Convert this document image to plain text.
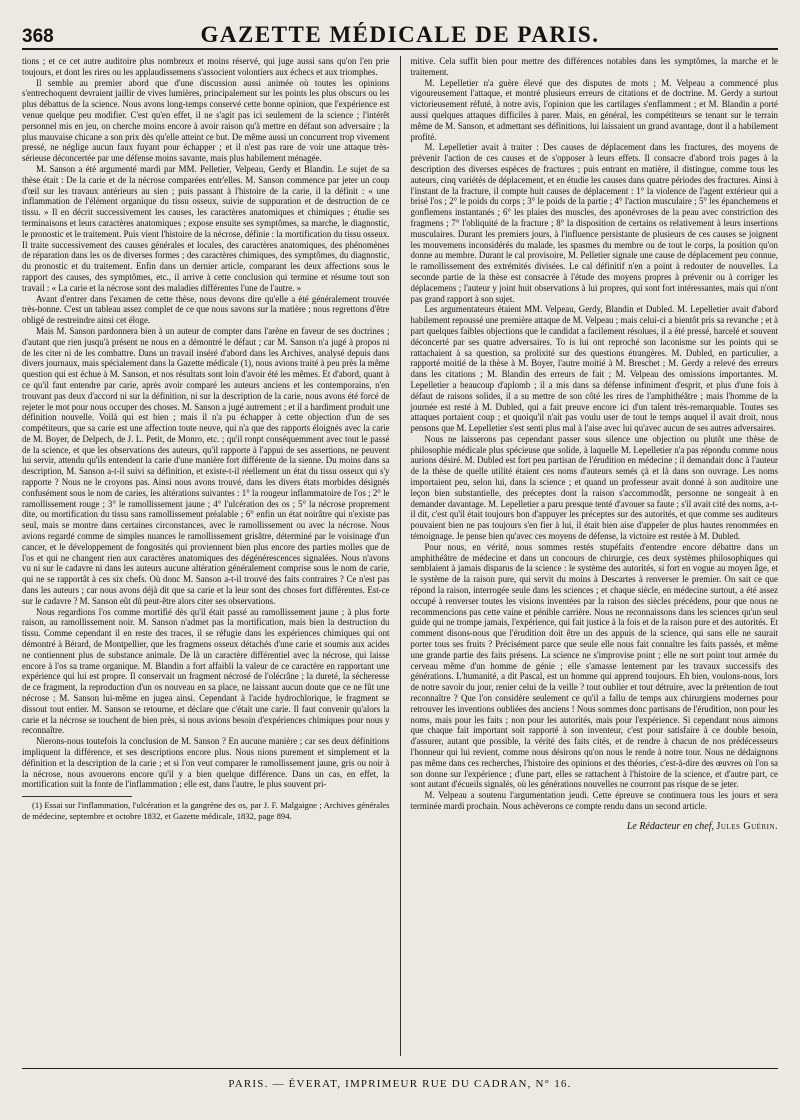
368	GAZETTE MÉDICALE DE PARIS.

tions ; et ce cet autre auditoire plus nombreux et moins réservé, qui juge aussi sans qu'on l'en prie toujours, et dont les rires ou les applaudissemens s'associent volontiers aux échecs et aux triomphes.

Il semble au premier abord que d'une discussion aussi animée où toutes les opinions s'entrechoquent devraient jaillir de vives lumières, principalement sur les points les plus obscurs ou les plus débattus de la science. Nous avons long-temps conservé cette bonne opinion, que l'expérience est venue quelque peu modifier. C'est qu'en effet, il ne s'agit pas ici seulement de la science ; l'intérêt personnel mis en jeu, on cherche moins encore à avoir raison qu'à mettre en défaut son adversaire ; la plus mauvaise chicane a son prix dès qu'elle atteint ce but. De même aussi un concurrent trop vivement pressé, ne néglige aucun faux fuyant pour échapper ; et il n'est pas rare de voir une attaque très-sérieuse déconcertée par une défense moins savante, mais plus habilement ménagée.

M. Sanson a été argumenté mardi par MM. Pelletier, Velpeau, Gerdy et Blandin. Le sujet de sa thèse était : De la carie et de la nécrose comparées entr'elles. M. Sanson commence par jeter un coup d'œil sur les travaux antérieurs au sien ; puis passant à l'histoire de la carie, il la définit : « une inflammation de l'élément organique du tissu osseux, suivie de suppuration et de destruction de ce tissu. » Il en décrit successivement les causes, les caractères anatomiques et chimiques ; étudie ses terminaisons et leurs caractères anatomiques ; expose ensuite ses symptômes, sa marche, le diagnostic, le pronostic et le traitement. Puis vient l'histoire de la nécrose, définie : la mortification du tissu osseux. Il traite successivement des causes générales et locales, des caractères anatomiques, des phénomènes de réparation dans les os de diverses formes ; des caractères chimiques, des symptômes, du diagnostic, du pronostic et du traitement. Enfin dans un dernier article, comparant les deux affections sous le rapport des causes, des symptômes, etc., il arrive à cette conclusion qui termine et résume tout son travail : « La carie et la nécrose sont des maladies différentes l'une de l'autre. »

Avant d'entrer dans l'examen de cette thèse, nous devons dire qu'elle a été généralement trouvée très-bonne. C'est un tableau assez complet de ce que nous savons sur la matière ; nous regrettons d'être obligé de restreindre ainsi cet éloge.

Mais M. Sanson pardonnera bien à un auteur de compter dans l'arène en faveur de ses doctrines ; d'autant que rien jusqu'à présent ne nous en a démontré le défaut ; car M. Sanson n'a jugé à propos ni de les citer ni de les combattre. Dans un travail inséré d'abord dans les Archives, analysé depuis dans divers journaux, mais spécialement dans la Gazette médicale (1), nous avions traité à peu près la même question qui est échue à M. Sanson, et nos résultats sont loin d'avoir été les mêmes. Et d'abord, quant à ce qu'il faut entendre par carie, après avoir comparé les auteurs anciens et les contemporains, n'en trouvant pas deux d'accord ni sur la définition, ni sur la description de la carie, nous avons été forcé de rejeter le mot pour nous occuper des choses. M. Sanson a jugé autrement ; et il a hardiment produit une définition nouvelle. Voilà qui est bien ; mais il n'a pu échapper à cette objection d'un de ses compétiteurs, que sa carie est une affection toute neuve, qui n'a que des rapports éloignés avec la carie de M. Boyer, de Delpech, de J. L. Petit, de Monro, etc. ; qu'il ronpt conséquemment avec tout le passé de la science, et que les observations des auteurs, qu'il rapporte à l'appui de ses assertions, ne peuvent lui servir, attendu qu'ils entendent la carie d'une manière fort différente de la sienne. Du moins dans sa description, M. Sanson a-t-il suivi sa définition, et existe-t-il réellement un état du tissu osseux qui s'y rapporte ? Nous ne le croyons pas. Ainsi nous avons trouvé, dans les divers états morbides désignés confusément sous le nom de caries, les altérations suivantes : 1° la rougeur inflammatoire de l'os ; 2° le ramollissement rouge ; 3° le ramollissement jaune ; 4° l'ulcération des os ; 5° la nécrose proprement dite, ou mortification du tissu sans ramollissement préalable ; 6° enfin un état noirâtre qui n'existe pas seul, mais se montre dans certaines circonstances, avec le ramollissement ou avec la nécrose. Nous avions regardé comme de simples nuances le ramollissement grisâtre, déterminé par le voisinage d'un cancer, et le développement de fongosités qui proviennent bien plus encore des parties molles que de l'os et qui ne changent rien aux caractères anatomiques des dégénérescences signalées. Nous n'avons vu ni sur le cadavre ni dans les auteurs aucune altération généralement comprise sous le nom de carie, qui ne se rapportât à ces six chefs. Où donc M. Sanson a-t-il trouvé des faits contraires ? Ce n'est pas dans les auteurs ; car nous avons déjà dit que sa carie et la leur sont des choses fort différentes. Est-ce sur le cadavre ? M. Sanson eût dû peut-être alors citer ses observations.

Nous regardions l'os comme mortifié dès qu'il était passé au ramollissement jaune ; à plus forte raison, au ramollissement noir. M. Sanson n'admet pas la mortification, mais bien la destruction du tissu. Comme cependant il en reste des traces, il se réfugie dans les expériences chimiques qui ont démontré à Bérard, de Montpellier, que les fragmens osseux détachés d'une carie et soumis aux acides ne contiennent plus de substance animale. De là un caractère différentiel avec la nécrose, qui laisse encore à l'os sa trame organique. M. Blandin a fort affaibli la valeur de ce caractère en rapportant une expérience qui lui est propre. Il conservait un fragment nécrosé de l'olécrâne ; la dureté, la sécheresse de ce fragment, la reproduction d'un os nouveau en sa place, ne laissant aucun doute que ce ne fût une nécrose ; M. Sanson lui-même en jugea ainsi. Cependant à l'acide hydrochlorique, le fragment se dissout tout entier. M. Sanson se retourne, et déclare que c'était une carie. Il faut convenir qu'alors la carie et la nécrose se touchent de bien près, si nous avions besoin d'expériences chimiques pour nous y reconnaître.

Nierons-nous toutefois la conclusion de M. Sanson ? En aucune manière ; car ses deux définitions impliquent la différence, et ses descriptions encore plus. Nous nions purement et simplement et la définition et la description de la carie ; et si l'on veut comparer le ramollissement jaune, gris ou noir à la nécrose, nous avouerons encore qu'il y a bien quelque différence. Dans un cas, en effet, la mortification suit la fonte de l'inflammation ; elle est, dans l'autre, le plus souvent pri-

(1) Essai sur l'inflammation, l'ulcération et la gangrène des os, par J. F. Malgaigne ; Archives générales de médecine, septembre et octobre 1832, et Gazette médicale, 1832, page 894.

mitive. Cela suffit bien pour mettre des différences notables dans les symptômes, la marche et le traitement.

M. Lepelletier n'a guère élevé que des disputes de mots ; M. Velpeau a commencé plus vigoureusement l'attaque, et montré plusieurs erreurs de citations et de doctrine. M. Gerdy a surtout victorieusement réfuté, à notre avis, l'opinion que les cartilages s'enflamment ; et M. Blandin a porté aussi quelques attaques difficiles à parer. Mais, en général, les compétiteurs se tenant sur le terrain même de M. Sanson, et admettant ses définitions, lui laissaient un grand avantage, dont il a habilement profité.

M. Lepelletier avait à traiter : Des causes de déplacement dans les fractures, des moyens de prévenir l'action de ces causes et de s'opposer à leurs effets. Il consacre d'abord trois pages à la description des diverses espèces de fractures ; puis entrant en matière, il distingue, comme tous les auteurs, cinq variétés de déplacement, et en étudie les causes dans quatre périodes des fractures. Ainsi à l'instant de la fracture, il compte huit causes de déplacement : 1° la violence de l'agent extérieur qui a brisé l'os ; 2° le poids du corps ; 3° le poids de la partie ; 4° l'action musculaire ; 5° les épanchemens et gonflemens instantanés ; 6° les plaies des muscles, des aponévroses de la peau avec constriction des fragmens ; 7° l'obliquité de la fracture ; 8° la disposition de certains os relativement à leurs insertions musculaires. Durant les premiers jours, à l'influence persistante de plusieurs de ces causes se joignent les mouvemens inconsidérés du malade, les spasmes du membre ou de tout le corps, la position qu'on donne au membre. Durant le cal provisoire, M. Pelletier signale une cause de déplacement peu connue, le ramollissement des extrémités divisées. Le cal définitif n'en a point à redouter de nouvelles. La seconde partie de la thèse est consacrée à l'étude des moyens propres à prévenir ou à corriger les déplacemens ; l'auteur y joint huit observations à lui propres, qui sont fort intéressantes, mais qui n'ont pas grand rapport à son sujet.

Les argumentateurs étaient MM. Velpeau, Gerdy, Blandin et Dubled. M. Lepelletier avait d'abord habilement repoussé une première attaque de M. Velpeau ; mais celui-ci a bientôt pris sa revanche ; et à part quelques faibles objections que le candidat a facilement résolues, il a été pressé, harcelé et souvent déconcerté par ses quatre adversaires. To is lui ont reproché son laconisme sur les points qui se rattachaient à sa question, sa prolixité sur des questions étrangères. M. Dubled, en particulier, a rapporté moitié de la thèse à M. Boyer, l'autre moitié à M. Breschet ; M. Gerdy a relevé des erreurs dans les citations ; M. Blandin des erreurs de fait ; M. Velpeau des omissions importantes. M. Lepelletier a beaucoup d'aplomb ; il a mis dans sa défense infiniment d'esprit, et plus d'une fois à défaut de raisons solides, il a su mettre de son côté les rires de l'amphithéâtre ; mais l'homme de la journée est resté à M. Dubled, qui a fait preuve encore ici d'un talent très-remarquable. Toutes ses attaques portaient coup ; et quoiqu'il n'ait pas voulu user de tout le temps auquel il avait droit, nous pensons que M. Lepelletier s'est senti plus mal à l'aise avec lui qu'avec aucun de ses autres adversaires.

Nous ne laisserons pas cependant passer sous silence une objection ou plutôt une thèse de philosophie médicale plus spécieuse que solide, à laquelle M. Lepelletier n'a pas répondu comme nous aurions désiré. M. Dubled est fort peu partisan de l'érudition en médecine ; il demandait donc à l'auteur de la thèse de quelle utilité étaient ces noms d'auteurs semés çà et là dans son ouvrage. Les noms importaient peu, selon lui, dans la science ; et quand un professeur avait donné à son auditoire une leçon bien substantielle, des préceptes dont la raison s'accommodât, personne ne songeait à en demander davantage. M. Lepelletier a paru presque tenté d'avouer sa faute ; s'il avait cité des noms, a-t-il dit, c'est qu'il était toujours bon d'appuyer les préceptes sur des autorités, et que comme ses auditeurs pouvaient bien ne pas toujours s'en fier à lui, il était bien aise d'appeler de plus hautes renommées en témoignage. Je pense bien qu'avec ces moyens de défense, la victoire est restée à M. Dubled.

Pour nous, en vérité, nous sommes restés stupéfaits d'entendre encore débattre dans un amphithéâtre de médecine et dans un concours de chirurgie, ces deux systèmes philosophiques qui semblaient à jamais disparus de la science : le système des autorités, si fort en vogue au moyen âge, et le système de la raison pure, qui servit du moins à Descartes à renverser le premier. On sait ce que répond la raison, interrogée seule dans les sciences ; et chaque siècle, en médecine surtout, a été assez occupé à renverser toutes les visions inventées par la raison des siècles précédens, pour que nous ne recommencions pas cette vaine et pénible carrière. Nous ne reconnaissons dans les sciences qu'un seul guide qui ne trompe jamais, l'expérience, qui fait justice à la fois et de la raison pure et des autorités. Et comment disons-nous que l'érudition doit être un des appuis de la science, qui sans elle ne saurait porter tous ses fruits ? Précisément parce que seule elle nous fait connaître les faits passés, et même une grande partie des faits présens. La science ne s'improvise point ; elle ne sort point tout armée du cerveau même d'un homme de génie ; elle s'amasse lentement par les travaux successifs des générations. L'humanité, a dit Pascal, est un homme qui apprend toujours. Eh bien, voulons-nous, lors de notre savoir du jour, renier celui de la veille ? tout oublier et tout détruire, avec la prétention de tout reconnaître ? Que l'on considère seulement ce qu'il a fallu de temps aux chirurgiens modernes pour retrouver les inventions oubliées des anciens ! Nous sommes donc partisans de l'érudition, non pour les noms, mais pour les faits ; non pour les autorités, mais pour l'expérience. Si cependant nous aimons que chaque fait important soit rapporté à son inventeur, c'est pour satisfaire à ce double besoin, d'assurer, autant que possible, la vérité des faits cités, et de rendre à chacun de nos prédécesseurs l'honneur qui lui revient, comme nous désirons qu'on nous le rende à notre tour. Nous ne dédaignons pas même dans ces recherches, l'histoire des opinions et des théories, c'est-à-dire des œuvres où l'on sa son donne sur l'expérience ; d'une part, elles se rattachent à l'histoire de la science, et d'autre part, ce sont autant d'écueils signalés, où les générations nouvelles ne courront pas risque de se jeter.

M. Velpeau a soutenu l'argumentation jeudi. Cette épreuve se continuera tous les jours et sera terminée mardi prochain. Nous achèverons ce compte rendu dans un second article.

Le Rédacteur en chef, Jules Guérin.
PARIS. — ÉVERAT, IMPRIMEUR RUE DU CADRAN, N° 16.
